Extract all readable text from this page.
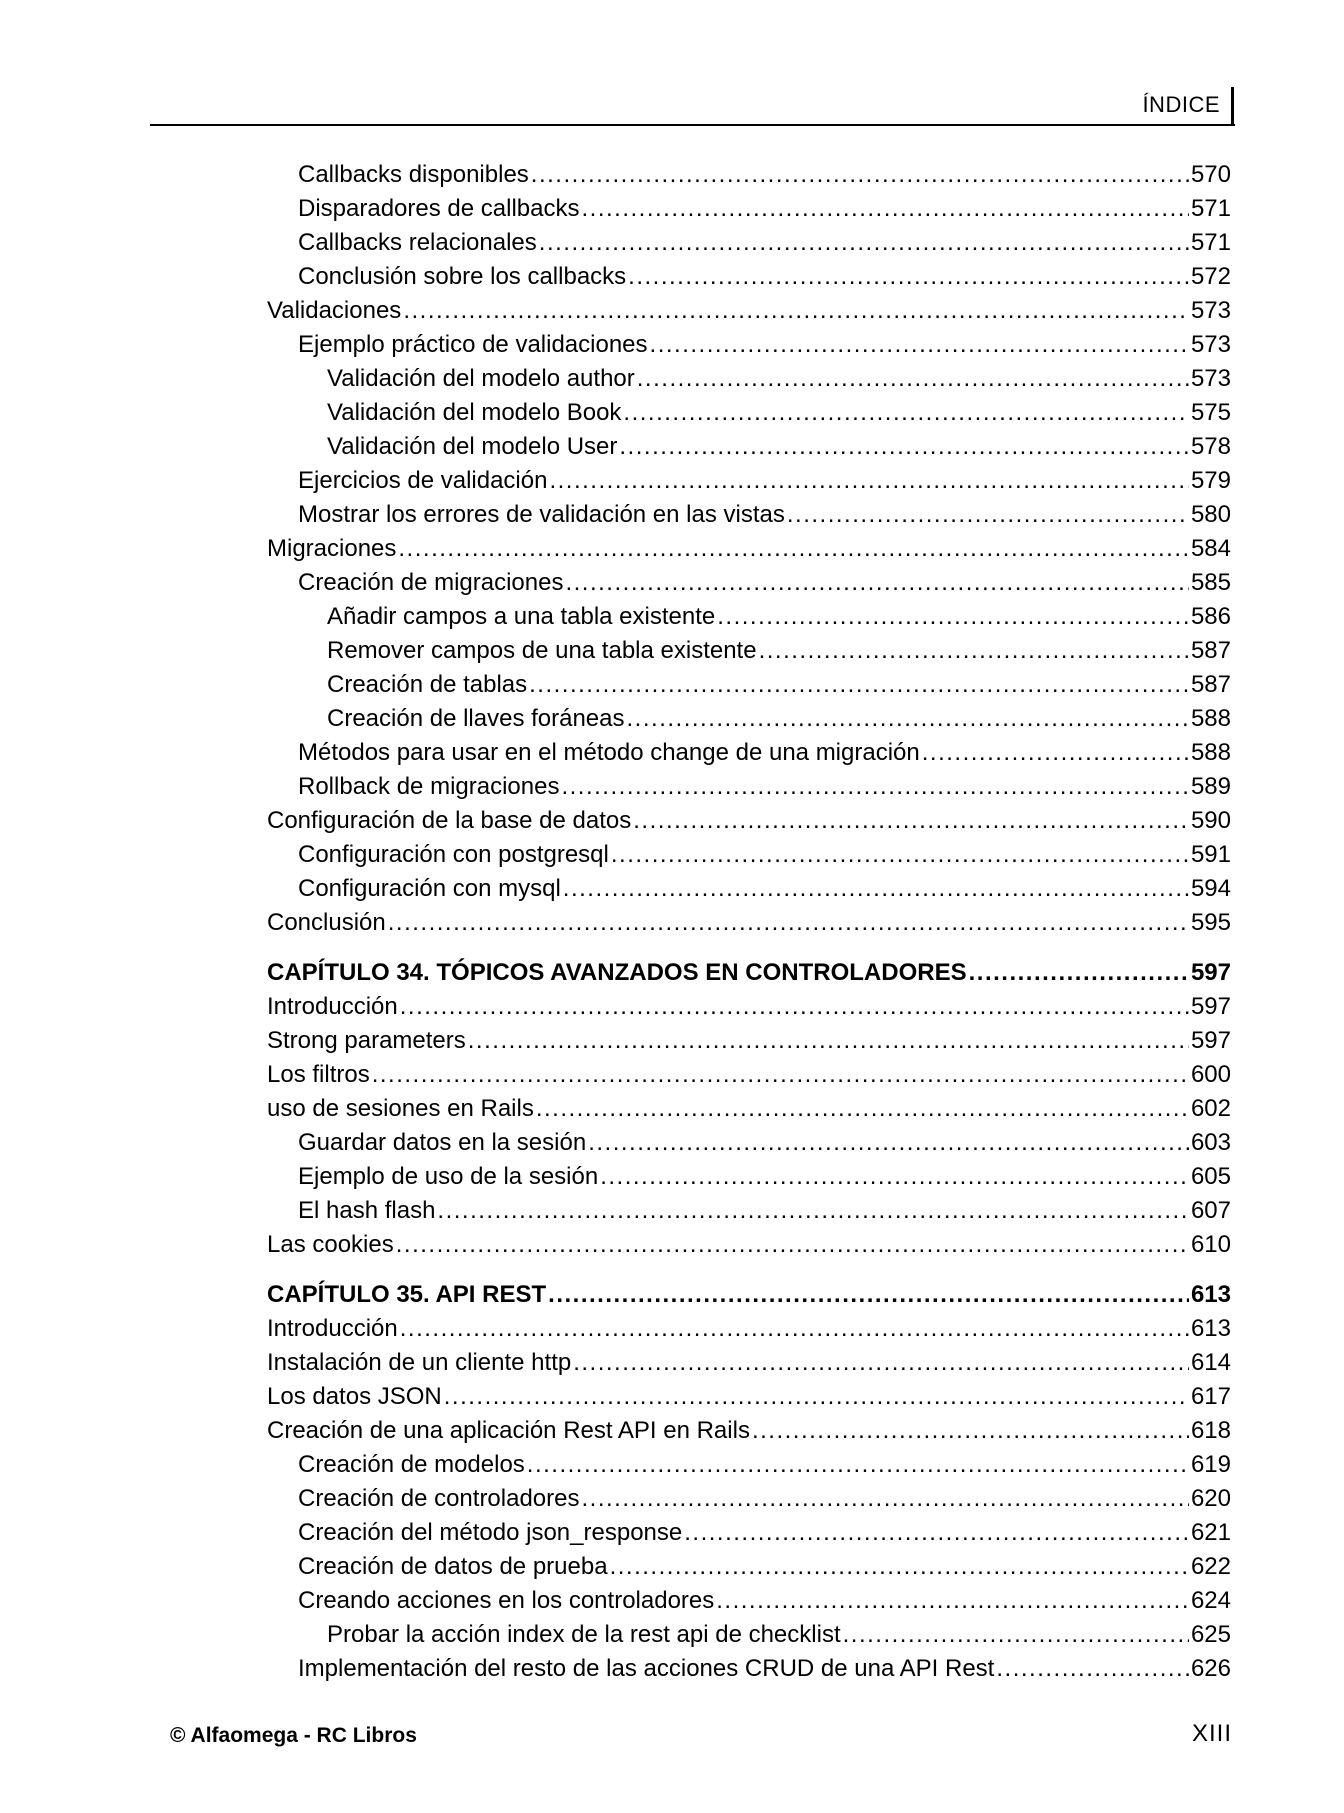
ÍNDICE
Callbacks disponibles .....	570
Disparadores de callbacks .....	571
Callbacks relacionales .....	571
Conclusión sobre los callbacks .....	572
Validaciones .....	573
Ejemplo práctico de validaciones .....	573
Validación del modelo author .....	573
Validación del modelo Book .....	575
Validación del modelo User .....	578
Ejercicios de validación .....	579
Mostrar los errores de validación en las vistas .....	580
Migraciones .....	584
Creación de migraciones .....	585
Añadir campos a una tabla existente .....	586
Remover campos de una tabla existente .....	587
Creación de tablas .....	587
Creación de llaves foráneas .....	588
Métodos para usar en el método change de una migración .....	588
Rollback de migraciones .....	589
Configuración de la base de datos .....	590
Configuración con postgresql .....	591
Configuración con mysql .....	594
Conclusión .....	595
CAPÍTULO 34. TÓPICOS AVANZADOS EN CONTROLADORES .....	597
Introducción .....	597
Strong parameters .....	597
Los filtros .....	600
uso de sesiones en Rails .....	602
Guardar datos en la sesión .....	603
Ejemplo de uso de la sesión .....	605
El hash flash .....	607
Las cookies .....	610
CAPÍTULO 35. API REST .....	613
Introducción .....	613
Instalación de un cliente http .....	614
Los datos JSON .....	617
Creación de una aplicación Rest API en Rails .....	618
Creación de modelos .....	619
Creación de controladores .....	620
Creación del método json_response .....	621
Creación de datos de prueba .....	622
Creando acciones en los controladores .....	624
Probar la acción index de la rest api de checklist .....	625
Implementación del resto de las acciones CRUD de una API Rest .....	626
© Alfaomega - RC Libros	XIII
